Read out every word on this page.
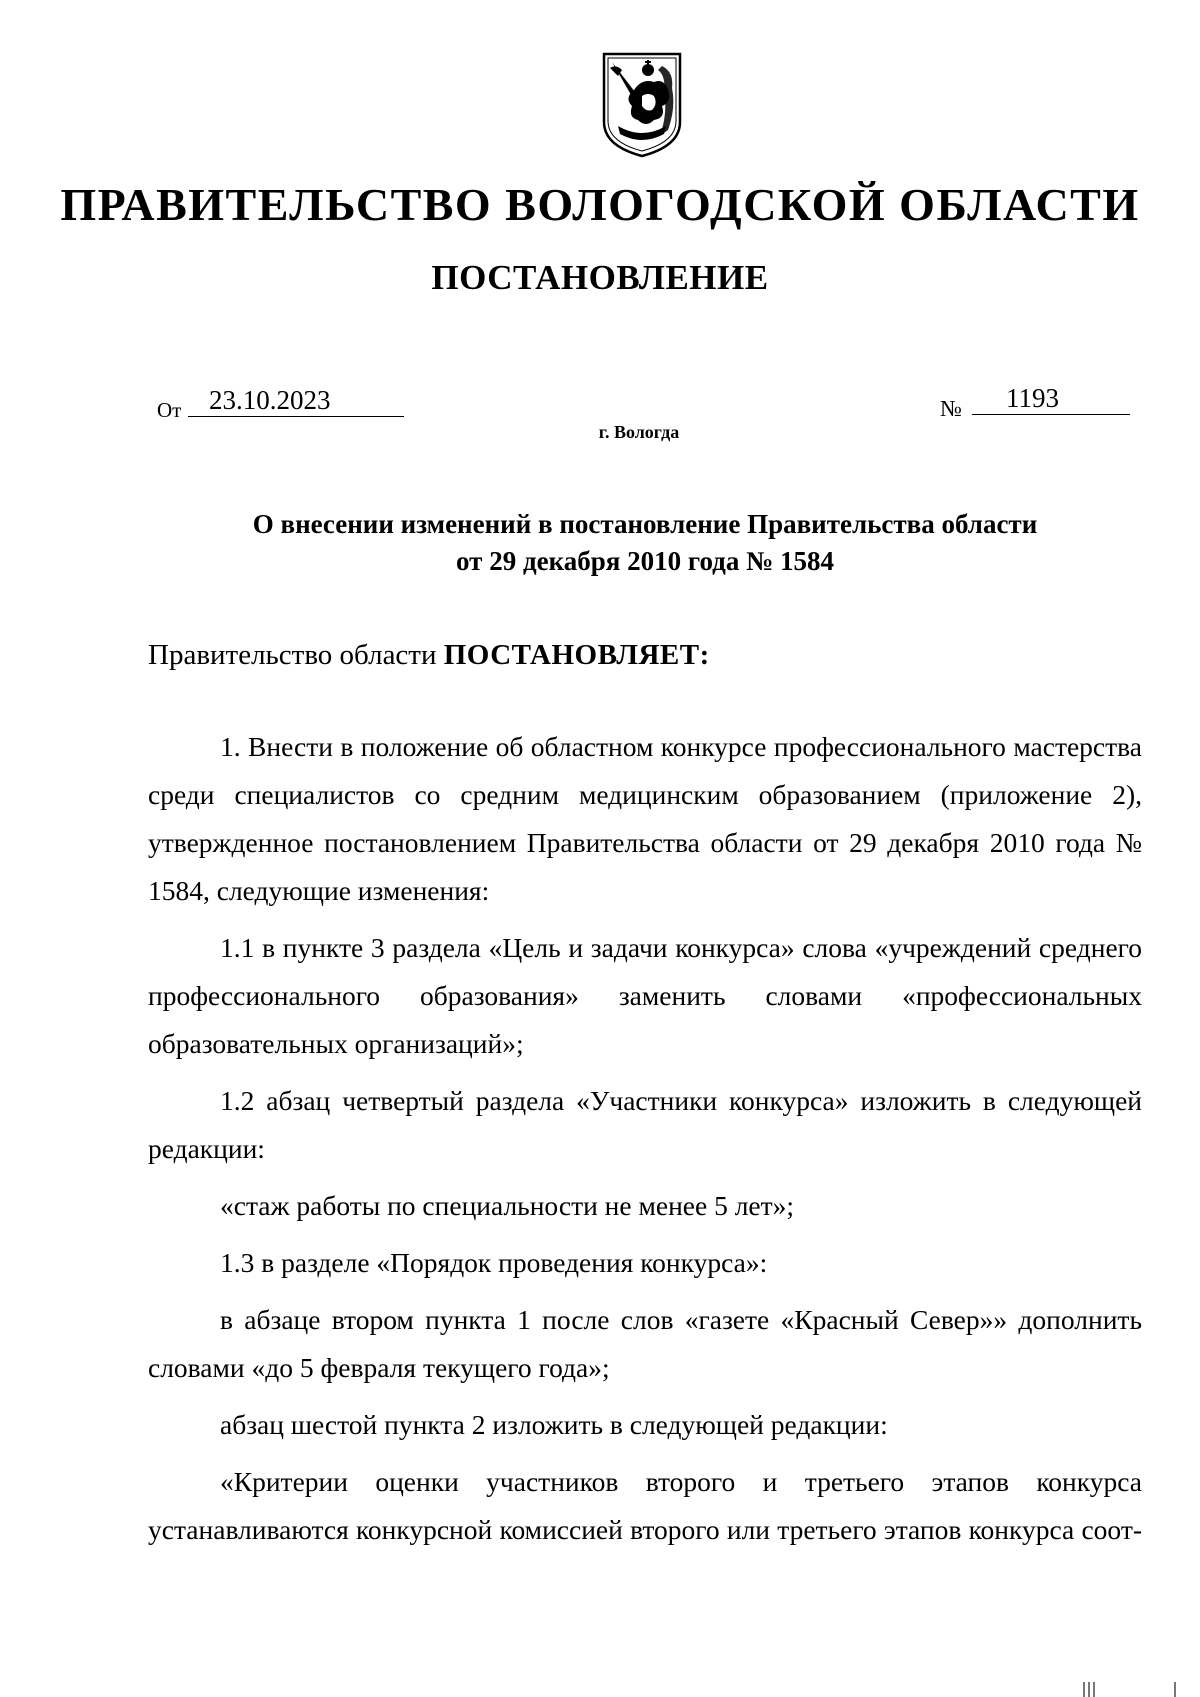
ПРАВИТЕЛЬСТВО ВОЛОГОДСКОЙ ОБЛАСТИ
ПОСТАНОВЛЕНИЕ
От	23.10.2023	№	1193
г. Вологда
О внесении изменений в постановление Правительства области
от 29 декабря 2010 года № 1584
Правительство области ПОСТАНОВЛЯЕТ:

1. Внести в положение об областном конкурсе профессионального мастерства среди специалистов со средним медицинским образованием (приложение 2), утвержденное постановлением Правительства области от 29 декабря 2010 года № 1584, следующие изменения:

1.1 в пункте 3 раздела «Цель и задачи конкурса» слова «учреждений среднего профессионального образования» заменить словами «профессиональных образовательных организаций»;

1.2 абзац четвертый раздела «Участники конкурса» изложить в следующей редакции:

«стаж работы по специальности не менее 5 лет»;

1.3 в разделе «Порядок проведения конкурса»:

в абзаце втором пункта 1 после слов «газете «Красный Север»» дополнить словами «до 5 февраля текущего года»;

абзац шестой пункта 2 изложить в следующей редакции:

«Критерии оценки участников второго и третьего этапов конкурса устанавливаются конкурсной комиссией второго или третьего этапов конкурса соот-
